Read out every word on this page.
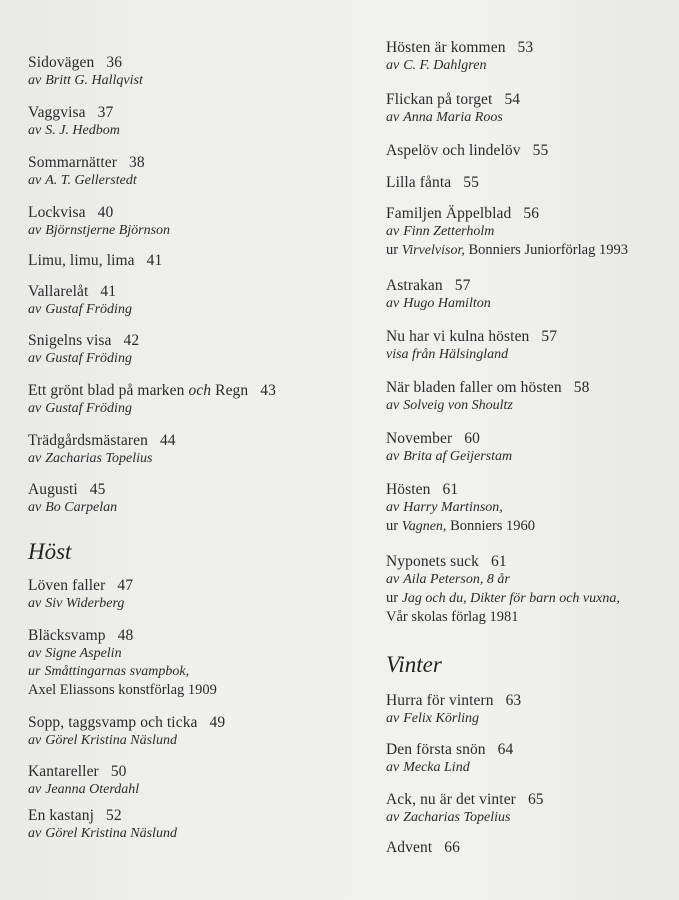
Sidovägen 36
av Britt G. Hallqvist
Vaggvisa 37
av S. J. Hedbom
Sommarnätter 38
av A. T. Gellerstedt
Lockvisa 40
av Björnstjerne Björnson
Limu, limu, lima 41
Vallarelåt 41
av Gustaf Fröding
Snigelns visa 42
av Gustaf Fröding
Ett grönt blad på marken och Regn 43
av Gustaf Fröding
Trädgårdsmästaren 44
av Zacharias Topelius
Augusti 45
av Bo Carpelan
Höst
Löven faller 47
av Siv Widerberg
Bläcksvamp 48
av Signe Aspelin
ur Småttingarnas svampbok,
Axel Eliassons konstförlag 1909
Sopp, taggsvamp och ticka 49
av Görel Kristina Näslund
Kantareller 50
av Jeanna Oterdahl
En kastanj 52
av Görel Kristina Näslund
Hösten är kommen 53
av C. F. Dahlgren
Flickan på torget 54
av Anna Maria Roos
Aspelöv och lindelöv 55
Lilla fånta 55
Familjen Äppelblad 56
av Finn Zetterholm
ur Virvelvisor, Bonniers Juniorförlag 1993
Astrakan 57
av Hugo Hamilton
Nu har vi kulna hösten 57
visa från Hälsingland
När bladen faller om hösten 58
av Solveig von Shoultz
November 60
av Brita af Geijerstam
Hösten 61
av Harry Martinson,
ur Vagnen, Bonniers 1960
Nyponets suck 61
av Aila Peterson, 8 år
ur Jag och du, Dikter för barn och vuxna,
Vår skolas förlag 1981
Vinter
Hurra för vintern 63
av Felix Körling
Den första snön 64
av Mecka Lind
Ack, nu är det vinter 65
av Zacharias Topelius
Advent 66
